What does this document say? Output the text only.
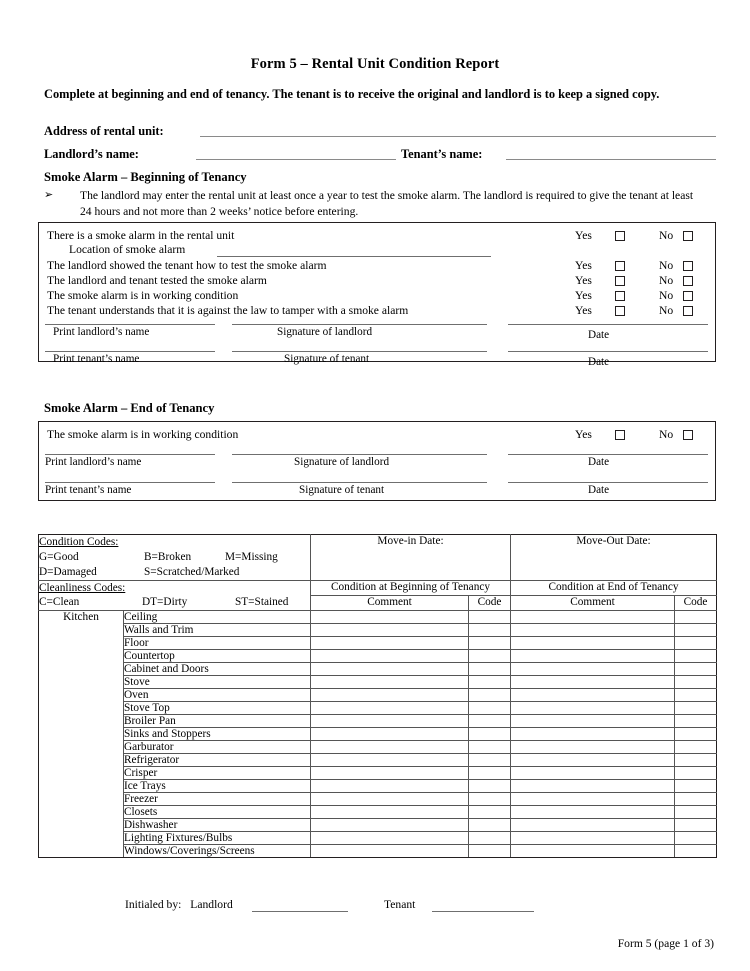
Form 5 – Rental Unit Condition Report
Complete at beginning and end of tenancy. The tenant is to receive the original and landlord is to keep a signed copy.
Address of rental unit:
Landlord’s name:	Tenant’s name:
Smoke Alarm – Beginning of Tenancy
➢ The landlord may enter the rental unit at least once a year to test the smoke alarm. The landlord is required to give the tenant at least 24 hours and not more than 2 weeks’ notice before entering.
There is a smoke alarm in the rental unit	Yes	No
Location of smoke alarm
The landlord showed the tenant how to test the smoke alarm	Yes	No
The landlord and tenant tested the smoke alarm	Yes	No
The smoke alarm is in working condition	Yes	No
The tenant understands that it is against the law to tamper with a smoke alarm	Yes	No
Print landlord’s name	Signature of landlord	Date
Print tenant’s name	Signature of tenant	Date
Smoke Alarm – End of Tenancy
The smoke alarm is in working condition	Yes	No
Print landlord’s name	Signature of landlord	Date
Print tenant’s name	Signature of tenant	Date
Condition Codes:
G=Good	B=Broken	M=Missing
D=Damaged	S=Scratched/Marked
	Move-in Date:	Move-Out Date:

Cleanliness Codes:
C=Clean DT=Dirty ST=Stained		Condition at Beginning of Tenancy		Condition at End of Tenancy	
		Comment	Code	Comment	Code
Kitchen	Ceiling				
	Walls and Trim				
	Floor				
	Countertop				
	Cabinet and Doors				
	Stove				
	Oven				
	Stove Top				
	Broiler Pan				
	Sinks and Stoppers				
	Garburator				
	Refrigerator				
	Crisper				
	Ice Trays				
	Freezer				
	Closets				
	Dishwasher				
	Lighting Fixtures/Bulbs				
	Windows/Coverings/Screens				
Initialed by: Landlord	Tenant
Form 5 (page 1 of 3)
